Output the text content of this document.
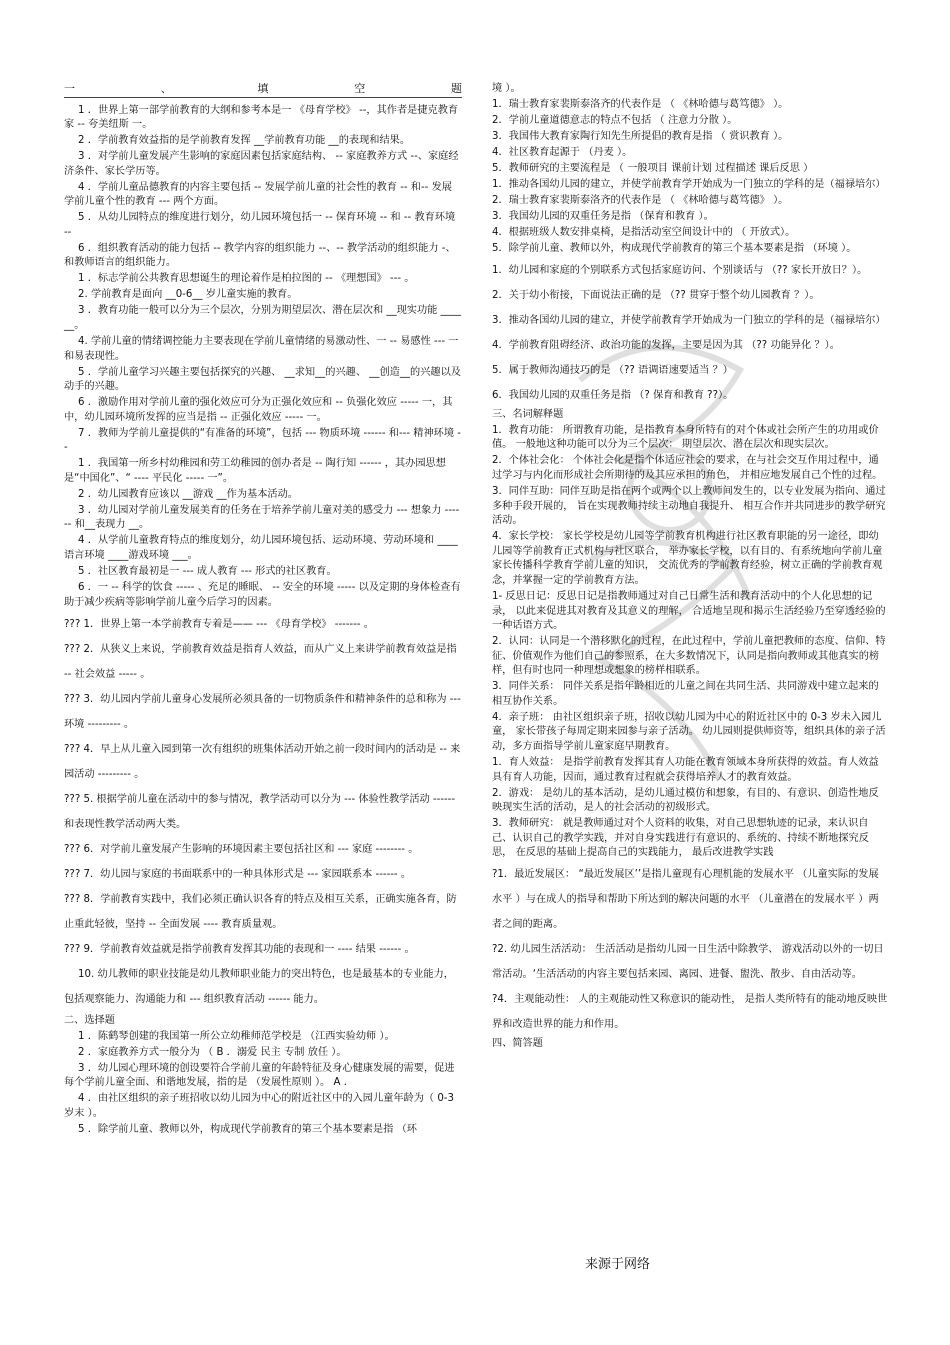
一	、	填	空	题

1 ．世界上第一部学前教育的大纲和参考本是一 《母育学校》 --，其作者是捷克教育家 -- 夸美纽斯 一。

2 ．学前教育效益指的是学前教育发挥 __学前教育功能 __的表现和结果。

3 ．对学前儿童发展产生影响的家庭因素包括家庭结构、 -- 家庭教养方式 --、家庭经济条件、家长学历等。

4 ．学前儿童品德教育的内容主要包括 -- 发展学前儿童的社会性的教育 -- 和-- 发展学前儿童个性的教育 --- 两个方面。

5 ．从幼儿园特点的维度进行划分，幼儿园环境包括一 -- 保育环境 -- 和 -- 教育环境 --

6 ．组织教育活动的能力包括 -- 教学内容的组织能力 --、-- 教学活动的组织能力 -、和教师语言的组织能力。

1 ．标志学前公共教育思想诞生的理论着作是柏拉图的 -- 《理想国》 --- 。

2. 学前教育是面向 __0-6__ 岁儿童实施的教育。

3 ．教育功能一般可以分为三个层次，分别为期望层次、潜在层次和 __现实功能 ______。

4. 学前儿童的情绪调控能力主要表现在学前儿童情绪的易激动性、一 -- 易感性 --- 一和易表现性。

5 ．学前儿童学习兴趣主要包括探究的兴趣、 __求知__的兴趣、 __创造__的兴趣以及动手的兴趣。

6 ．激励作用对学前儿童的强化效应可分为正强化效应和 -- 负强化效应 ----- 一，其中，幼儿园环境所发挥的应当是指 -- 正强化效应 ----- 一。

7 ．教师为学前儿童提供的“有准备的环境”，包括 --- 物质环境 ------ 和--- 精神环境 --

1 ．我国第一所乡村幼稚园和劳工幼稚园的创办者是 -- 陶行知 ------ ，其办园思想是“中国化”、“ ---- 平民化 ----- 一”。

2 ．幼儿园教育应该以 __游戏 __作为基本活动。

3 ．幼儿园对学前儿童发展美育的任务在于培养学前儿童对美的感受力 --- 想象力 ------ 和__表现力 __。

4 ．从学前儿童教育特点的维度划分，幼儿园环境包括、运动环境、劳动环境和 ____语言环境 ____游戏环境 ___。

5 ．社区教育最初是一 --- 成人教育 --- 形式的社区教育。

6 ．一 -- 科学的饮食 ----- 、充足的睡眠、 -- 安全的环境 ----- 以及定期的身体检查有助于减少疾病等影响学前儿童今后学习的因素。

??? 1．世界上第一本学前教育专着是—— --- 《母育学校》 ------- 。

??? 2．从狭义上来说，学前教育效益是指育人效益，而从广义上来讲学前教育效益是指 -- 社会效益 ----- 。

??? 3．幼儿园内学前儿童身心发展所必须具备的一切物质条件和精神条件的总和称为 --- 环境 --------- 。

??? 4．早上从儿童入园到第一次有组织的班集体活动开始之前一段时间内的活动是 -- 来园活动 --------- 。

??? 5. 根据学前儿童在活动中的参与情况，教学活动可以分为 --- 体验性教学活动 ------ 和表现性教学活动两大类。

??? 6．对学前儿童发展产生影响的环境因素主要包括社区和 --- 家庭 -------- 。

??? 7．幼儿园与家庭的书面联系中的一种具体形式是 --- 家园联系本 ------ 。

??? 8．学前教育实践中，我们必须正确认识各育的特点及相互关系，正确实施各育，防止重此轻彼，坚持 -- 全面发展 ---- 教育质量观。

??? 9．学前教育效益就是指学前教育发挥其功能的表现和一 ---- 结果 ------ 。

10. 幼儿教师的职业技能是幼儿教师职业能力的突出特色，也是最基本的专业能力，包括观察能力、沟通能力和 --- 组织教育活动 ------ 能力。

二、选择题

1 ．陈鹤琴创建的我国第一所公立幼稚师范学校是 （江西实验幼师 ）。

2 ．家庭教养方式一般分为 （ B ．溺爱 民主 专制 放任 ）。

3 ．幼儿园心理环境的创设要符合学前儿童的年龄特征及身心健康发展的需要，促进每个学前儿童全面、和谐地发展，指的是 （发展性原则 ）。 A ．

4 ．由社区组织的亲子班招收以幼儿园为中心的附近社区中的入园儿童年龄为（ 0-3 岁末 ）。

5 ．除学前儿童、教师以外，构成现代学前教育的第三个基本要素是指 （环

境 ）。

1．瑞士教育家裴斯泰洛齐的代表作是 （ 《林哈德与葛笃德》 ）。

2．学前儿童道德意志的特点不包括 （ 注意力分散 ）。

3．我国伟大教育家陶行知先生所提倡的教育是指 （ 赏识教育 ）。

4．社区教育起源于 （丹麦 ）。

5．教师研究的主要流程是 （ 一般项目 课前计划 过程描述 课后反思 ）

1．推动各国幼儿园的建立，并使学前教育学开始成为一门独立的学科的是（福禄培尔）

2．瑞士教育家裴斯泰洛齐的代表作是 （ 《林哈德与葛笃德》 ）。

3．我国幼儿园的双重任务是指 （保育和教育 ）。

4．根据班级人数安排桌椅，是指活动室空间设计中的 （ 开放式）。

5．除学前儿童、教师以外，构成现代学前教育的第三个基本要素是指 （环境 ）。

1．幼儿园和家庭的个别联系方式包括家庭访问、个别谈话与 （?? 家长开放日？）。

2．关于幼小衔接，下面说法正确的是 （?? 贯穿于整个幼儿园教育 ？）。

3．推动各国幼儿园的建立，并使学前教育学开始成为一门独立的学科的是（福禄培尔）

4．学前教育阻碍经济、政治功能的发挥，主要是因为其 （?? 功能异化 ？）。

5．属于教师沟通技巧的是 （?? 语调语速要适当 ？）

6．我国幼儿园的双重任务是指 （? 保育和教育 ??）。

三、名词解释题

1．教育功能： 所谓教育功能，是指教育本身所特有的对个体或社会所产生的功用或价值。 一般地这种功能可以分为三个层次： 期望层次、潜在层次和现实层次。

2．个体社会化： 个体社会化是指个体适应社会的要求，在与社会交互作用过程中，通过学习与内化而形成社会所期待的及其应承担的角色， 并相应地发展自己个性的过程。

3．同伴互助：同伴互助是指在两个或两个以上教师间发生的，以专业发展为指向、通过多种手段开展的， 旨在实现教师持续主动地自我提升、 相互合作并共同进步的教学研究活动。

4．家长学校： 家长学校是幼儿园等学前教育机构进行社区教育职能的另一途径，即幼儿园等学前教育正式机构与社区联合， 举办家长学校，以有目的、有系统地向学前儿童家长传播科学教育学前儿童的知识， 交流优秀的学前教育经验，树立正确的学前教育观念，并掌握一定的学前教育方法。

1- 反思日记：反思日记是指教师通过对自己日常生活和教育活动中的个人化思想的记录， 以此来促进其对教育及其意义的理解， 合适地呈现和揭示生活经验乃至穿透经验的一种话语方式。

2．认同：认同是一个潜移默化的过程，在此过程中，学前儿童把教师的态度、信仰、特征、价值观作为他们自己的参照系，在大多数情况下，认同是指向教师或其他真实的榜样，但有时也同一种理想或想象的榜样相联系。

3．同伴关系： 同伴关系是指年龄相近的儿童之间在共同生活、共同游戏中建立起来的相互协作关系。

4．亲子班： 由社区组织亲子班，招收以幼儿园为中心的附近社区中的 0-3 岁未入园儿童， 家长带孩子每周定期来园参与亲子活动。 幼儿园则提供师资等，组织具体的亲子活动，多方面指导学前儿童家庭早期教育。

1．育人效益： 是指学前教育发挥其育人功能在教育领域本身所获得的效益。育人效益具有育人功能，因而，通过教育过程就会获得培养人才的教育效益。

2．游戏： 是幼儿的基本活动，是幼儿通过模仿和想象，有目的、有意识、创造性地反映现实生活的活动，是人的社会活动的初级形式。

3．教师研究： 就是教师通过对个人资料的收集，对自己思想轨迹的记录，来认识自己、认识自己的教学实践，并对自身实践进行有意识的、系统的、持续不断地探究反思， 在反思的基础上提高自己的实践能力， 最后改进教学实践

?1．最近发展区： “最近发展区’’是指儿童现有心理机能的发展水平 （儿童实际的发展水平 ）与在成人的指导和帮助下所达到的解决问题的水平 （儿童潜在的发展水平 ）两者之间的距离。

?2. 幼儿园生活活动： 生活活动是指幼儿园一日生活中除教学、 游戏活动以外的一切日常活动。‘生活活动的内容主要包括来园、离园、进餐、盥洗、散步、自由活动等。

?4．主观能动性： 人的主观能动性又称意识的能动性， 是指人类所特有的能动地反映世界和改造世界的能力和作用。

四、简答题

来源于网络
